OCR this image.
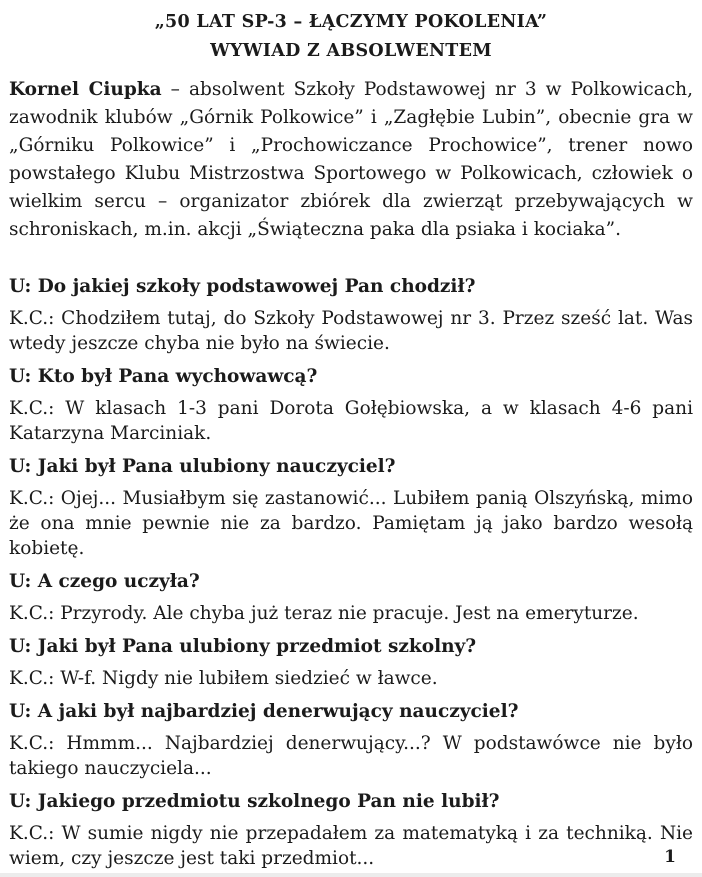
„50 LAT SP-3 – ŁĄCZYMY POKOLENIA”

WYWIAD Z ABSOLWENTEM

Kornel Ciupka – absolwent Szkoły Podstawowej nr 3 w Polkowicach, zawodnik klubów „Górnik Polkowice” i „Zagłębie Lubin”, obecnie gra w „Górniku Polkowice” i „Prochowiczance Prochowice”, trener nowo powstałego Klubu Mistrzostwa Sportowego w Polkowicach, człowiek o wielkim sercu – organizator zbiórek dla zwierząt przebywających w schroniskach, m.in. akcji „Świąteczna paka dla psiaka i kociaka”.

U: Do jakiej szkoły podstawowej Pan chodził?

K.C.: Chodziłem tutaj, do Szkoły Podstawowej nr 3. Przez sześć lat. Was wtedy jeszcze chyba nie było na świecie.

U: Kto był Pana wychowawcą?

K.C.: W klasach 1-3 pani Dorota Gołębiowska, a w klasach 4-6 pani Katarzyna Marciniak.

U: Jaki był Pana ulubiony nauczyciel?

K.C.: Ojej... Musiałbym się zastanowić... Lubiłem panią Olszyńską, mimo że ona mnie pewnie nie za bardzo. Pamiętam ją jako bardzo wesołą kobietę.

U: A czego uczyła?

K.C.: Przyrody. Ale chyba już teraz nie pracuje. Jest na emeryturze.

U: Jaki był Pana ulubiony przedmiot szkolny?

K.C.: W-f. Nigdy nie lubiłem siedzieć w ławce.

U: A jaki był najbardziej denerwujący nauczyciel?

K.C.: Hmmm... Najbardziej denerwujący...? W podstawówce nie było takiego nauczyciela...

U: Jakiego przedmiotu szkolnego Pan nie lubił?

K.C.: W sumie nigdy nie przepadałem za matematyką i za techniką. Nie wiem, czy jeszcze jest taki przedmiot...	1
